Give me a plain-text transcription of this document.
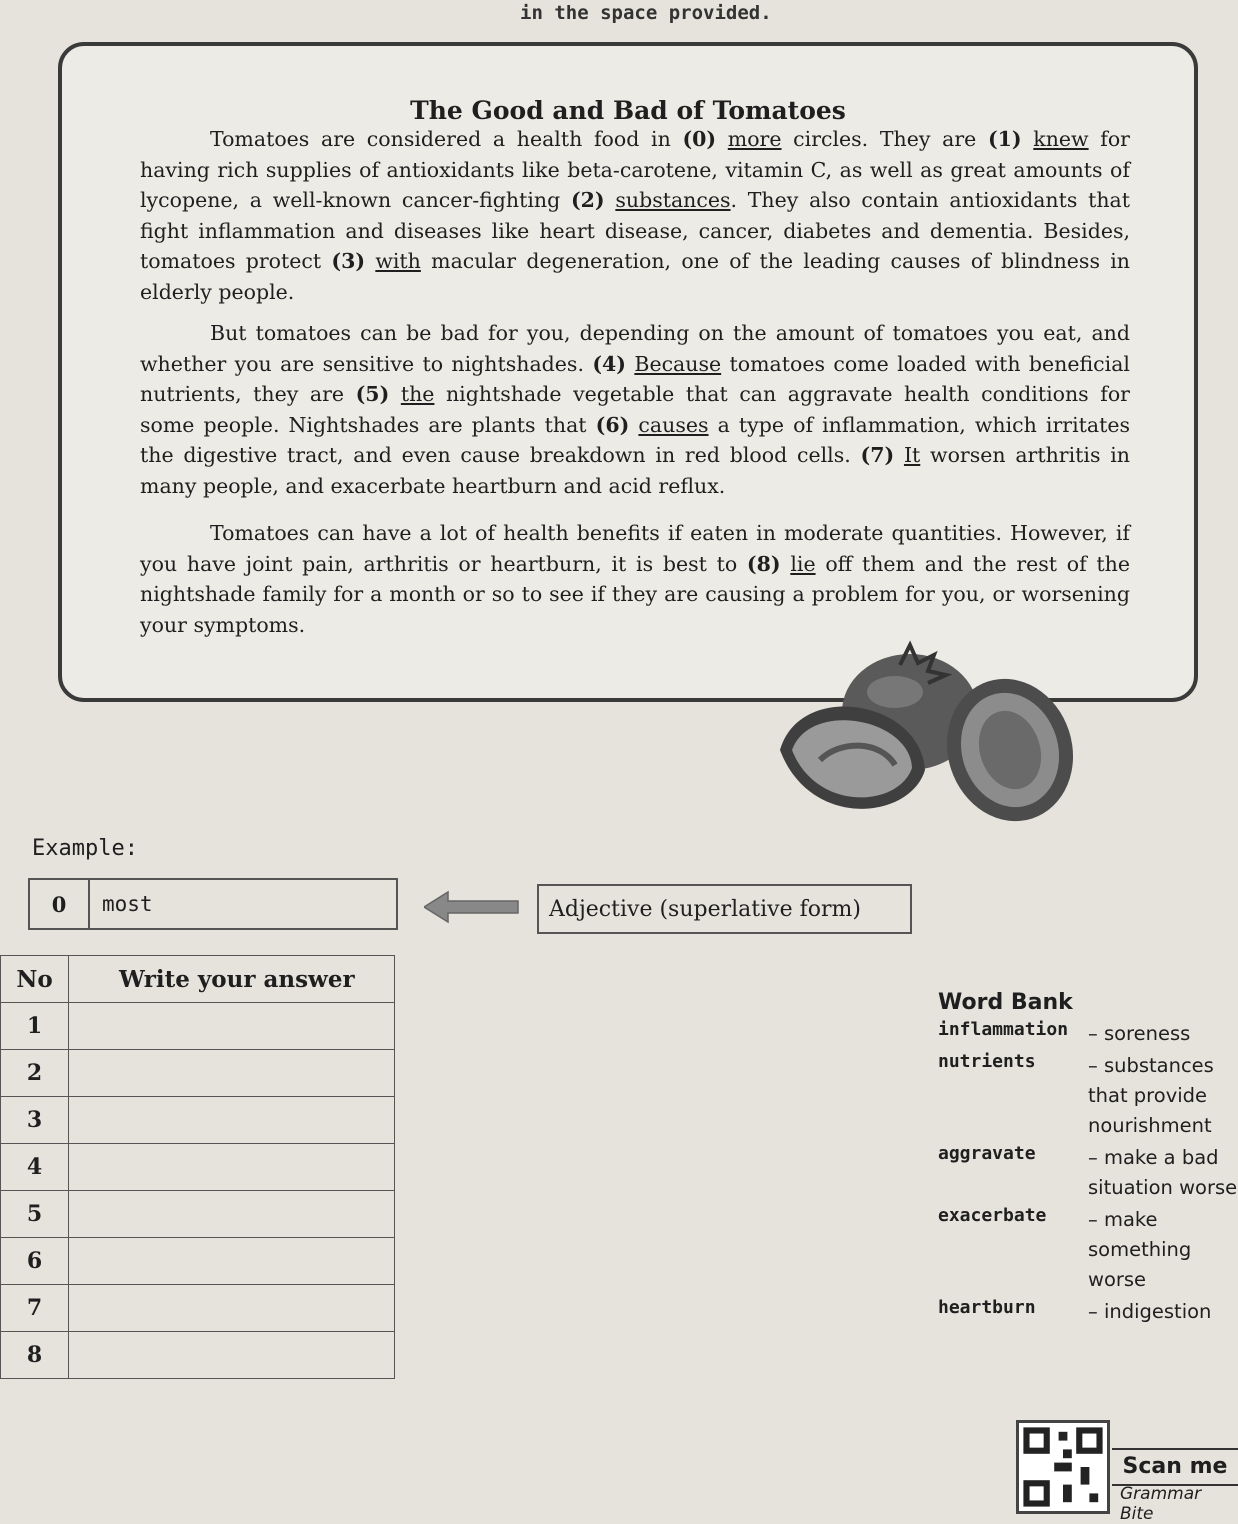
in the space provided.
The Good and Bad of Tomatoes

Tomatoes are considered a health food in (0) more circles. They are (1) knew for having rich supplies of antioxidants like beta-carotene, vitamin C, as well as great amounts of lycopene, a well-known cancer-fighting (2) substances. They also contain antioxidants that fight inflammation and diseases like heart disease, cancer, diabetes and dementia. Besides, tomatoes protect (3) with macular degeneration, one of the leading causes of blindness in elderly people.

But tomatoes can be bad for you, depending on the amount of tomatoes you eat, and whether you are sensitive to nightshades. (4) Because tomatoes come loaded with beneficial nutrients, they are (5) the nightshade vegetable that can aggravate health conditions for some people. Nightshades are plants that (6) causes a type of inflammation, which irritates the digestive tract, and even cause breakdown in red blood cells. (7) It worsen arthritis in many people, and exacerbate heartburn and acid reflux.

Tomatoes can have a lot of health benefits if eaten in moderate quantities. However, if you have joint pain, arthritis or heartburn, it is best to (8) lie off them and the rest of the nightshade family for a month or so to see if they are causing a problem for you, or worsening your symptoms.

Example:
0	most	Adjective (superlative form)
No	Write your answer
1	
2	
3	
4	
5	
6	
7	
8	
Word Bank
inflammation	– soreness
nutrients	– substances that provide nourishment
aggravate	– make a bad situation worse
exacerbate	– make something worse
heartburn	– indigestion
Scan me
Grammar Bite
